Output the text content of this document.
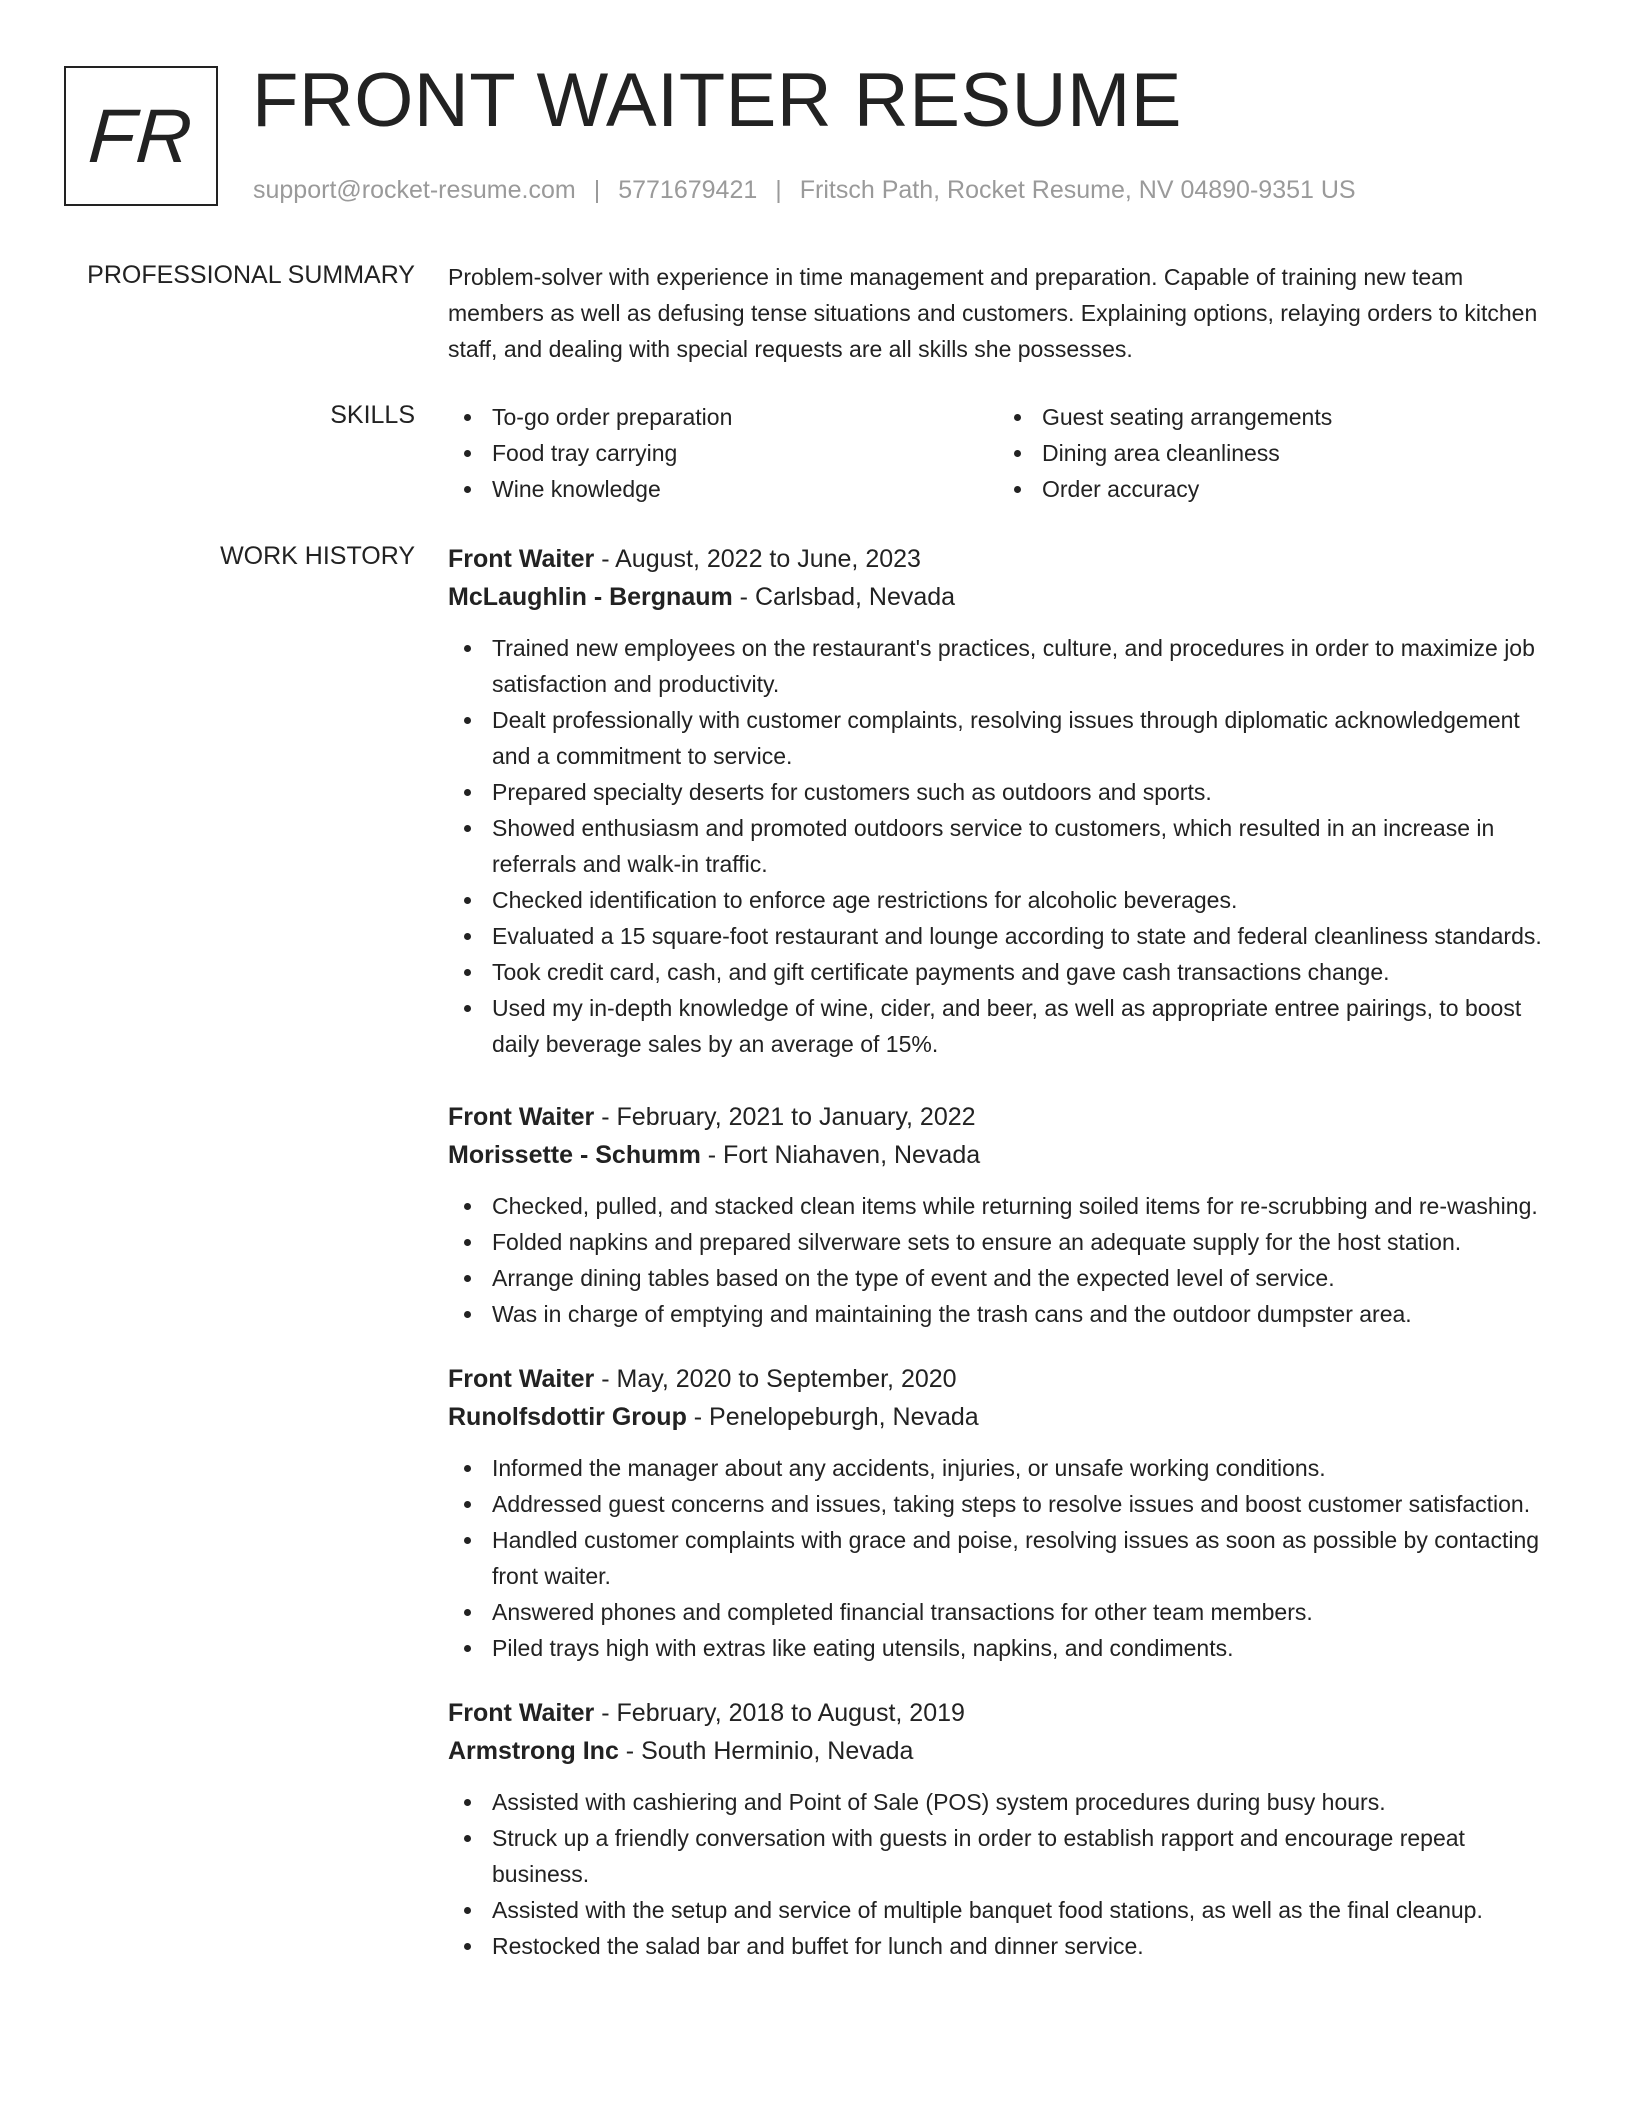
FR FRONT WAITER RESUME
support@rocket-resume.com | 5771679421 | Fritsch Path, Rocket Resume, NV 04890-9351 US
PROFESSIONAL SUMMARY Problem-solver with experience in time management and preparation. Capable of training new team members as well as defusing tense situations and customers. Explaining options, relaying orders to kitchen staff, and dealing with special requests are all skills she possesses.

SKILLS	To-go order preparation
Food tray carrying
Wine knowledge
Guest seating arrangements
Dining area cleanliness
Order accuracy
WORK HISTORY Front Waiter - August, 2022 to June, 2023
McLaughlin - Bergnaum - Carlsbad, Nevada
Trained new employees on the restaurant's practices, culture, and procedures in order to maximize job satisfaction and productivity.
Dealt professionally with customer complaints, resolving issues through diplomatic acknowledgement and a commitment to service.
Prepared specialty deserts for customers such as outdoors and sports.
Showed enthusiasm and promoted outdoors service to customers, which resulted in an increase in referrals and walk-in traffic.
Checked identification to enforce age restrictions for alcoholic beverages.
Evaluated a 15 square-foot restaurant and lounge according to state and federal cleanliness standards.
Took credit card, cash, and gift certificate payments and gave cash transactions change.
Used my in-depth knowledge of wine, cider, and beer, as well as appropriate entree pairings, to boost daily beverage sales by an average of 15%.
Front Waiter - February, 2021 to January, 2022
Morissette - Schumm - Fort Niahaven, Nevada
Checked, pulled, and stacked clean items while returning soiled items for re-scrubbing and re-washing.
Folded napkins and prepared silverware sets to ensure an adequate supply for the host station.
Arrange dining tables based on the type of event and the expected level of service.
Was in charge of emptying and maintaining the trash cans and the outdoor dumpster area.
Front Waiter - May, 2020 to September, 2020
Runolfsdottir Group - Penelopeburgh, Nevada
Informed the manager about any accidents, injuries, or unsafe working conditions.
Addressed guest concerns and issues, taking steps to resolve issues and boost customer satisfaction.
Handled customer complaints with grace and poise, resolving issues as soon as possible by contacting front waiter.
Answered phones and completed financial transactions for other team members.
Piled trays high with extras like eating utensils, napkins, and condiments.
Front Waiter - February, 2018 to August, 2019
Armstrong Inc - South Herminio, Nevada
Assisted with cashiering and Point of Sale (POS) system procedures during busy hours.
Struck up a friendly conversation with guests in order to establish rapport and encourage repeat business.
Assisted with the setup and service of multiple banquet food stations, as well as the final cleanup.
Restocked the salad bar and buffet for lunch and dinner service.
